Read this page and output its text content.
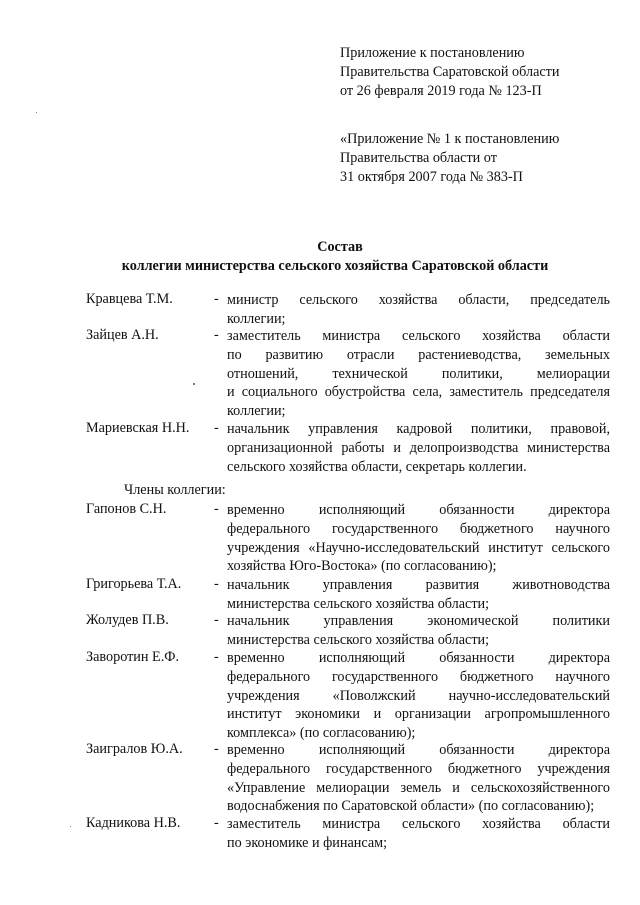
Приложение к постановлению
Правительства Саратовской области
от 26 февраля 2019 года № 123-П
«Приложение № 1 к постановлению
Правительства области от
31 октября 2007 года № 383-П
Состав
коллегии министерства сельского хозяйства Саратовской области
Кравцева Т.М.	- министр сельского хозяйства области, председатель
коллегии;
Зайцев А.Н.	- заместитель министра сельского хозяйства области
по развитию отрасли растениеводства, земельных
отношений, технической политики, мелиорации
и социального обустройства села, заместитель председателя
коллегии;
Мариевская Н.Н. - начальник управления кадровой политики, правовой,
организационной работы и делопроизводства министерства
сельского хозяйства области, секретарь коллегии.
Члены коллегии:
Гапонов С.Н.	- временно исполняющий обязанности директора
федерального государственного бюджетного научного
учреждения «Научно-исследовательский институт сельского
хозяйства Юго-Востока» (по согласованию);
Григорьева Т.А. - начальник управления развития животноводства
министерства сельского хозяйства области;
Жолудев П.В.	- начальник управления экономической политики
министерства сельского хозяйства области;
Заворотин Е.Ф. - временно исполняющий обязанности директора
федерального государственного бюджетного научного
учреждения «Поволжский научно-исследовательский
институт экономики и организации агропромышленного
комплекса» (по согласованию);
Заигралов Ю.А. - временно исполняющий обязанности директора
федерального государственного бюджетного учреждения
«Управление мелиорации земель и сельскохозяйственного
водоснабжения по Саратовской области» (по согласованию);
Кадникова Н.В. - заместитель министра сельского хозяйства области
по экономике и финансам;
